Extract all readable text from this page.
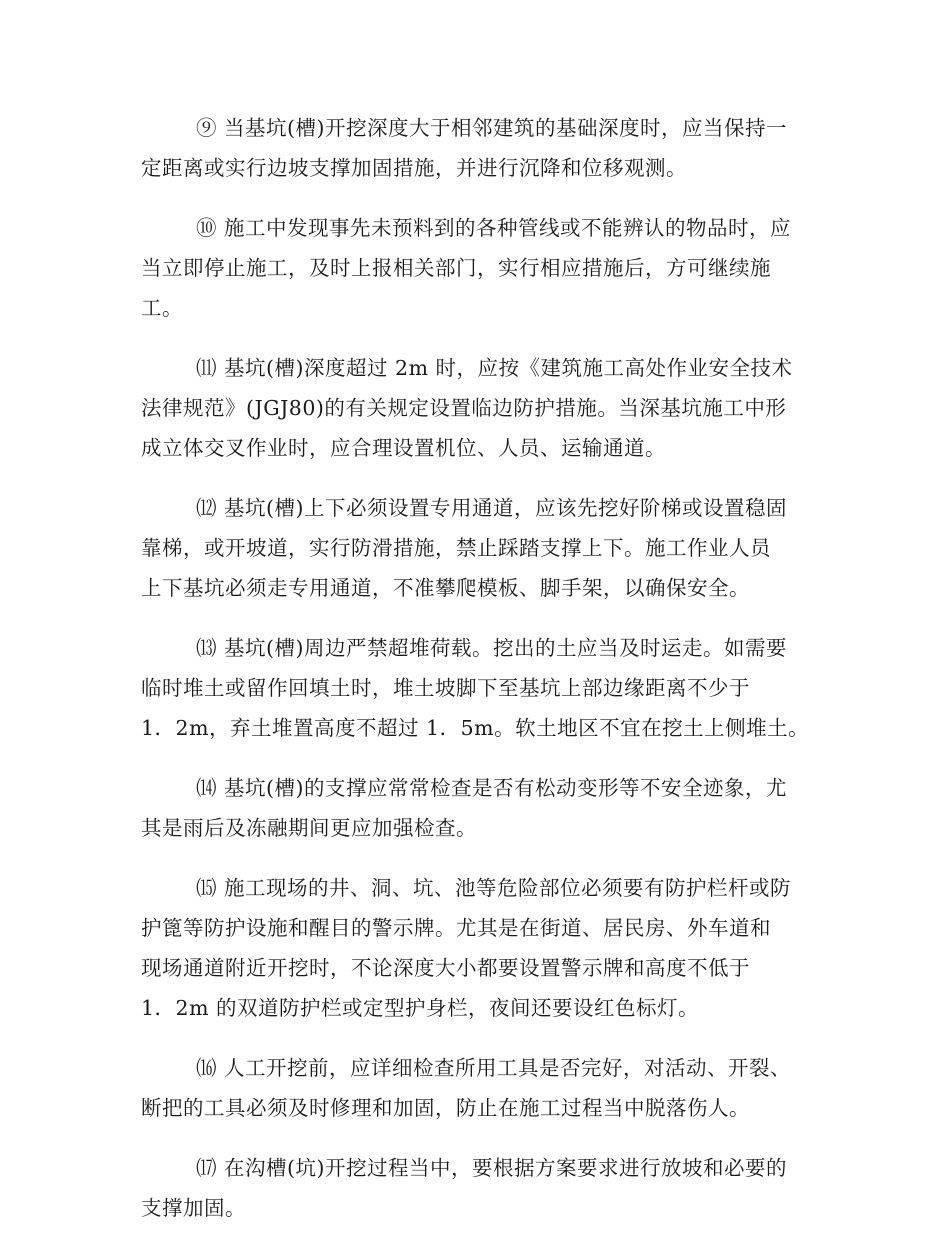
⑨ 当基坑(槽)开挖深度大于相邻建筑的基础深度时，应当保持一
定距离或实行边坡支撑加固措施，并进行沉降和位移观测。

⑩ 施工中发现事先未预料到的各种管线或不能辨认的物品时，应
当立即停止施工，及时上报相关部门，实行相应措施后，方可继续施
工。

⑾ 基坑(槽)深度超过 2m 时，应按《建筑施工高处作业安全技术
法律规范》(JGJ80)的有关规定设置临边防护措施。当深基坑施工中形
成立体交叉作业时，应合理设置机位、人员、运输通道。

⑿ 基坑(槽)上下必须设置专用通道，应该先挖好阶梯或设置稳固
靠梯，或开坡道，实行防滑措施，禁止踩踏支撑上下。施工作业人员
上下基坑必须走专用通道，不准攀爬模板、脚手架，以确保安全。

⒀ 基坑(槽)周边严禁超堆荷载。挖出的土应当及时运走。如需要
临时堆土或留作回填土时，堆土坡脚下至基坑上部边缘距离不少于
1．2m，弃土堆置高度不超过 1．5m。软土地区不宜在挖土上侧堆土。

⒁ 基坑(槽)的支撑应常常检查是否有松动变形等不安全迹象，尤
其是雨后及冻融期间更应加强检查。

⒂ 施工现场的井、洞、坑、池等危险部位必须要有防护栏杆或防
护篦等防护设施和醒目的警示牌。尤其是在街道、居民房、外车道和
现场通道附近开挖时，不论深度大小都要设置警示牌和高度不低于
1．2m 的双道防护栏或定型护身栏，夜间还要设红色标灯。

⒃ 人工开挖前，应详细检查所用工具是否完好，对活动、开裂、
断把的工具必须及时修理和加固，防止在施工过程当中脱落伤人。

⒄ 在沟槽(坑)开挖过程当中，要根据方案要求进行放坡和必要的
支撑加固。
